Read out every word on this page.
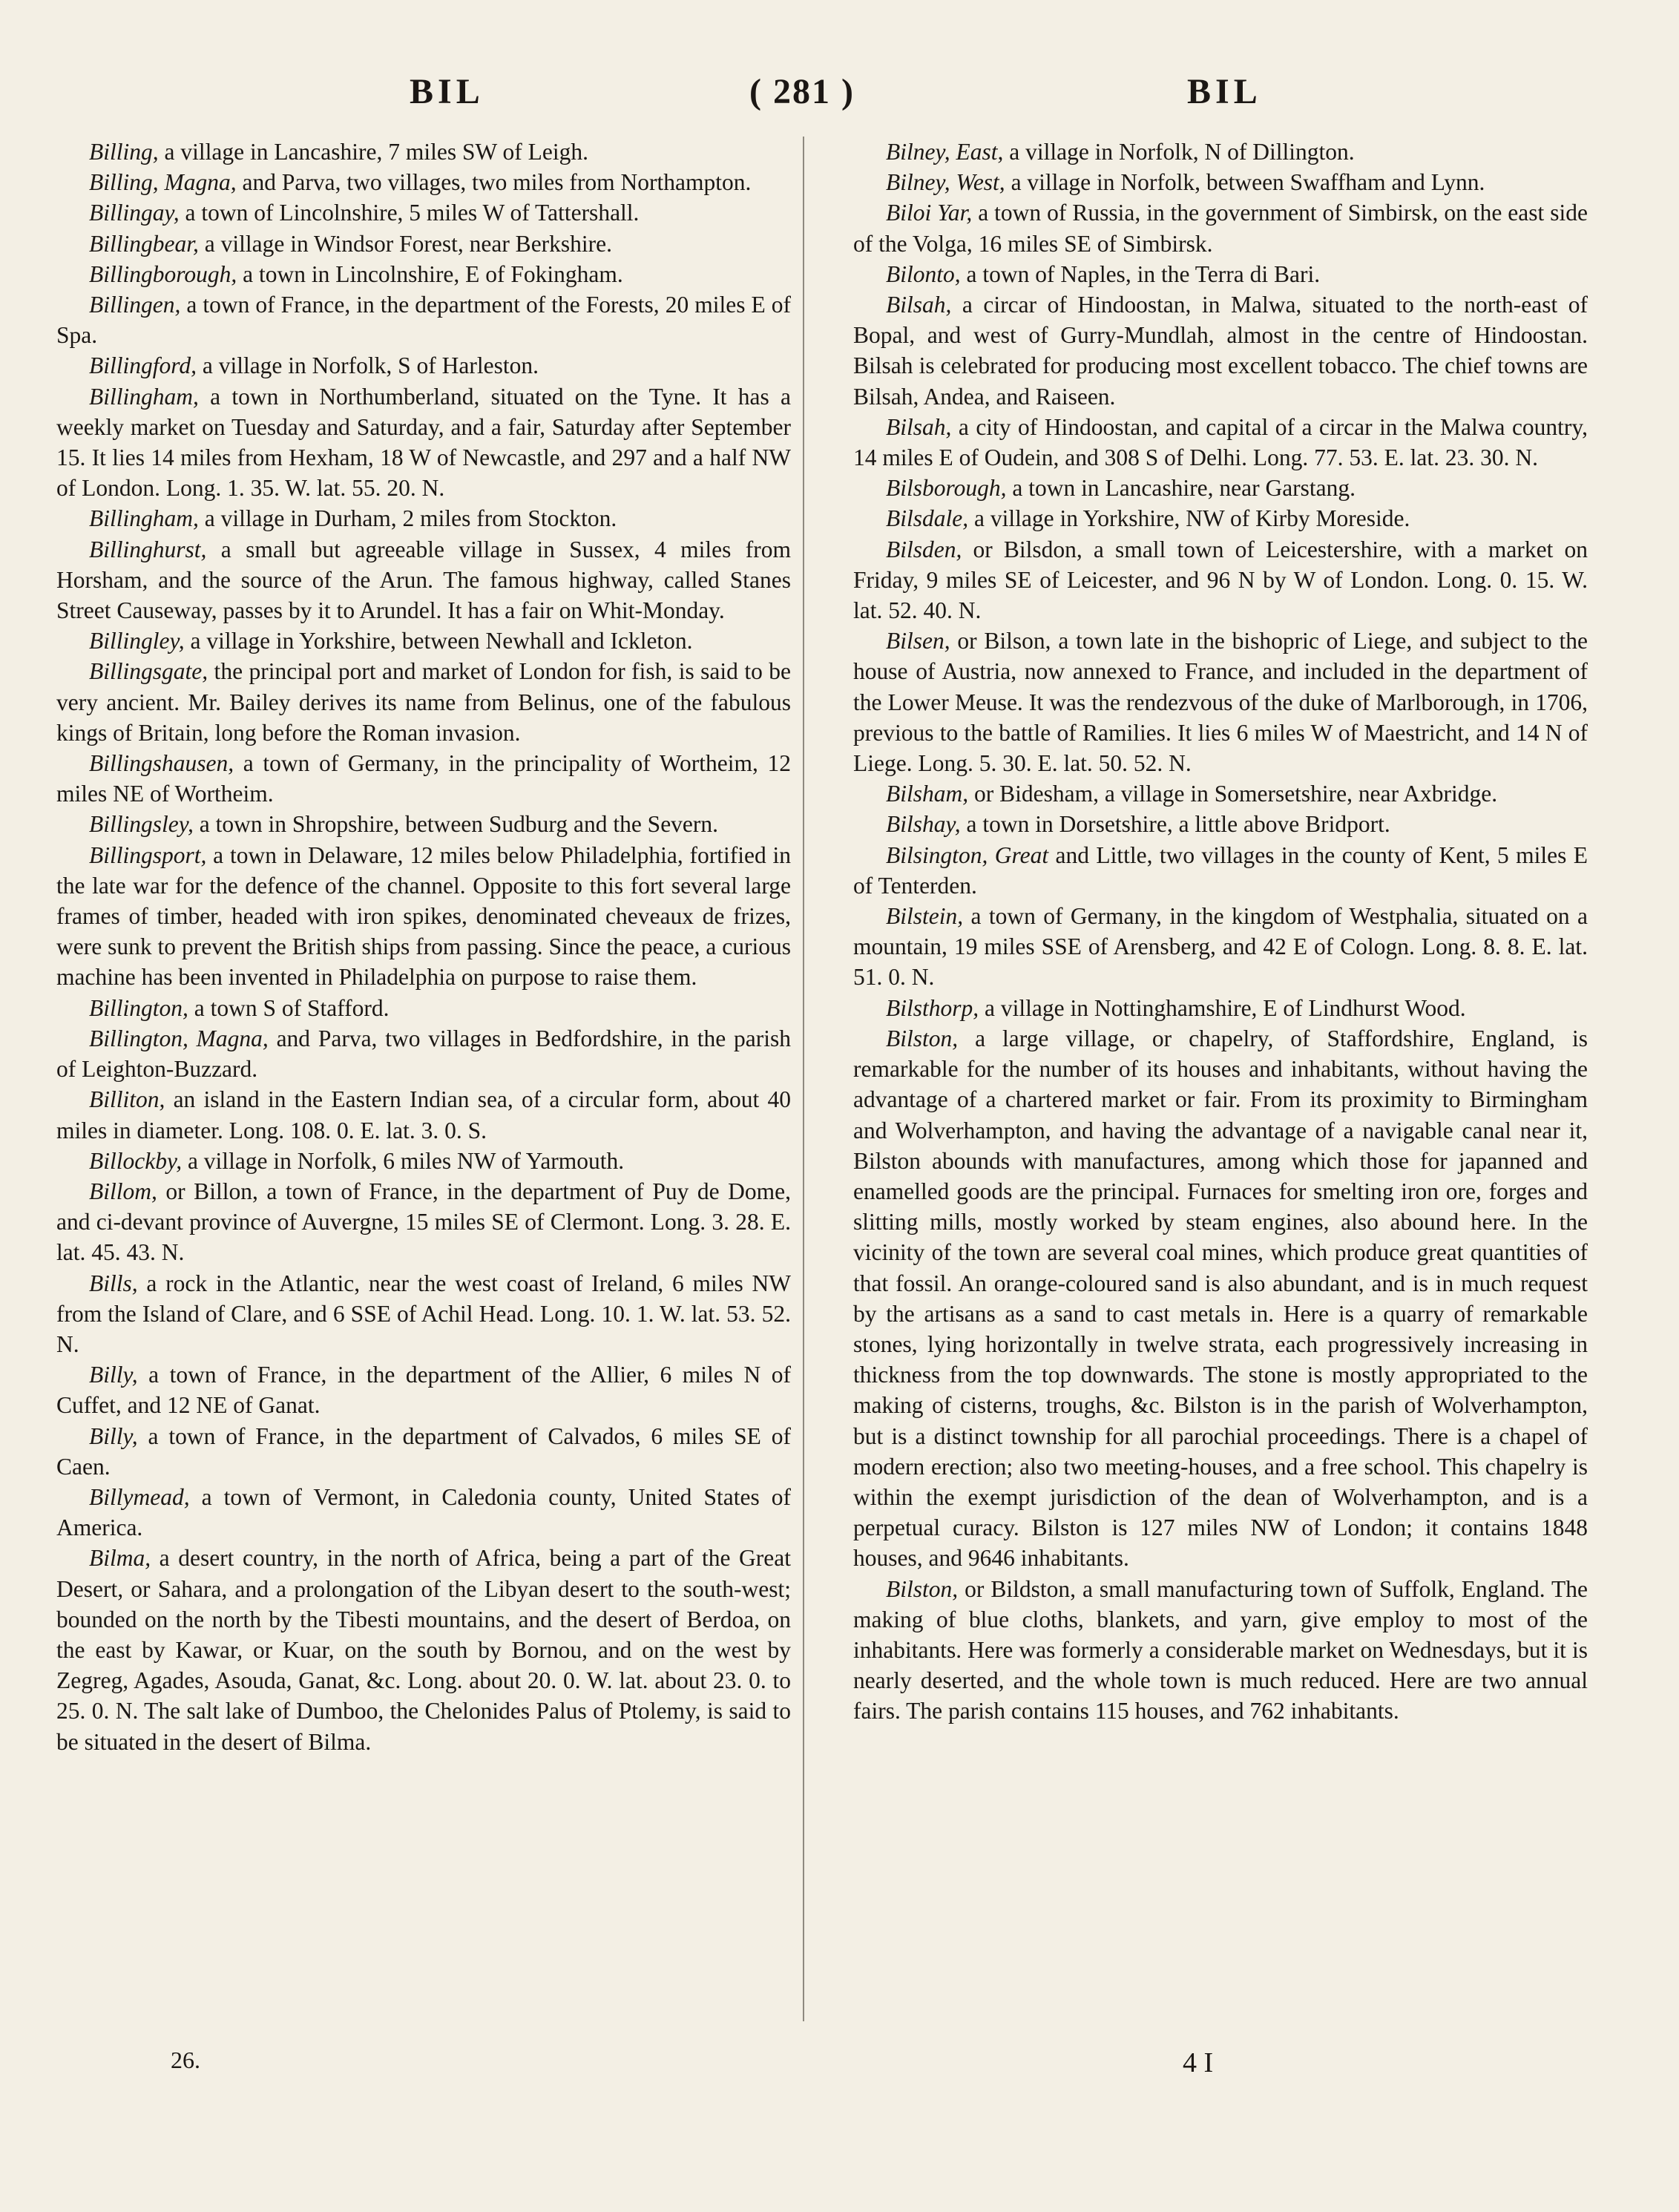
BIL	( 281 )	BIL

Billing, a village in Lancashire, 7 miles SW of Leigh.

Billing, Magna, and Parva, two villages, two miles from Northampton.

Billingay, a town of Lincolnshire, 5 miles W of Tattershall.

Billingbear, a village in Windsor Forest, near Berkshire.

Billingborough, a town in Lincolnshire, E of Fokingham.

Billingen, a town of France, in the department of the Forests, 20 miles E of Spa.

Billingford, a village in Norfolk, S of Harleston.

Billingham, a town in Northumberland, situated on the Tyne. It has a weekly market on Tuesday and Saturday, and a fair, Saturday after September 15. It lies 14 miles from Hexham, 18 W of Newcastle, and 297 and a half NW of London. Long. 1. 35. W. lat. 55. 20. N.

Billingham, a village in Durham, 2 miles from Stockton.

Billinghurst, a small but agreeable village in Sussex, 4 miles from Horsham, and the source of the Arun. The famous highway, called Stanes Street Causeway, passes by it to Arundel. It has a fair on Whit-Monday.

Billingley, a village in Yorkshire, between Newhall and Ickleton.

Billingsgate, the principal port and market of London for fish, is said to be very ancient. Mr. Bailey derives its name from Belinus, one of the fabulous kings of Britain, long before the Roman invasion.

Billingshausen, a town of Germany, in the principality of Wortheim, 12 miles NE of Wortheim.

Billingsley, a town in Shropshire, between Sudburg and the Severn.

Billingsport, a town in Delaware, 12 miles below Philadelphia, fortified in the late war for the defence of the channel. Opposite to this fort several large frames of timber, headed with iron spikes, denominated cheveaux de frizes, were sunk to prevent the British ships from passing. Since the peace, a curious machine has been invented in Philadelphia on purpose to raise them.

Billington, a town S of Stafford.

Billington, Magna, and Parva, two villages in Bedfordshire, in the parish of Leighton-Buzzard.

Billiton, an island in the Eastern Indian sea, of a circular form, about 40 miles in diameter. Long. 108. 0. E. lat. 3. 0. S.

Billockby, a village in Norfolk, 6 miles NW of Yarmouth.

Billom, or Billon, a town of France, in the department of Puy de Dome, and ci-devant province of Auvergne, 15 miles SE of Clermont. Long. 3. 28. E. lat. 45. 43. N.

Bills, a rock in the Atlantic, near the west coast of Ireland, 6 miles NW from the Island of Clare, and 6 SSE of Achil Head. Long. 10. 1. W. lat. 53. 52. N.

Billy, a town of France, in the department of the Allier, 6 miles N of Cuffet, and 12 NE of Ganat.

Billy, a town of France, in the department of Calvados, 6 miles SE of Caen.

Billymead, a town of Vermont, in Caledonia county, United States of America.

Bilma, a desert country, in the north of Africa, being a part of the Great Desert, or Sahara, and a prolongation of the Libyan desert to the south-west; bounded on the north by the Tibesti mountains, and the desert of Berdoa, on the east by Kawar, or Kuar, on the south by Bornou, and on the west by Zegreg, Agades, Asouda, Ganat, &c. Long. about 20. 0. W. lat. about 23. 0. to 25. 0. N. The salt lake of Dumboo, the Chelonides Palus of Ptolemy, is said to be situated in the desert of Bilma.

Bilney, East, a village in Norfolk, N of Dillington.

Bilney, West, a village in Norfolk, between Swaffham and Lynn.

Biloi Yar, a town of Russia, in the government of Simbirsk, on the east side of the Volga, 16 miles SE of Simbirsk.

Bilonto, a town of Naples, in the Terra di Bari.

Bilsah, a circar of Hindoostan, in Malwa, situated to the north-east of Bopal, and west of Gurry-Mundlah, almost in the centre of Hindoostan. Bilsah is celebrated for producing most excellent tobacco. The chief towns are Bilsah, Andea, and Raiseen.

Bilsah, a city of Hindoostan, and capital of a circar in the Malwa country, 14 miles E of Oudein, and 308 S of Delhi. Long. 77. 53. E. lat. 23. 30. N.

Bilsborough, a town in Lancashire, near Garstang.

Bilsdale, a village in Yorkshire, NW of Kirby Moreside.

Bilsden, or Bilsdon, a small town of Leicestershire, with a market on Friday, 9 miles SE of Leicester, and 96 N by W of London. Long. 0. 15. W. lat. 52. 40. N.

Bilsen, or Bilson, a town late in the bishopric of Liege, and subject to the house of Austria, now annexed to France, and included in the department of the Lower Meuse. It was the rendezvous of the duke of Marlborough, in 1706, previous to the battle of Ramilies. It lies 6 miles W of Maestricht, and 14 N of Liege. Long. 5. 30. E. lat. 50. 52. N.

Bilsham, or Bidesham, a village in Somersetshire, near Axbridge.

Bilshay, a town in Dorsetshire, a little above Bridport.

Bilsington, Great and Little, two villages in the county of Kent, 5 miles E of Tenterden.

Bilstein, a town of Germany, in the kingdom of Westphalia, situated on a mountain, 19 miles SSE of Arensberg, and 42 E of Cologn. Long. 8. 8. E. lat. 51. 0. N.

Bilsthorp, a village in Nottinghamshire, E of Lindhurst Wood.

Bilston, a large village, or chapelry, of Staffordshire, England, is remarkable for the number of its houses and inhabitants, without having the advantage of a chartered market or fair. From its proximity to Birmingham and Wolverhampton, and having the advantage of a navigable canal near it, Bilston abounds with manufactures, among which those for japanned and enamelled goods are the principal. Furnaces for smelting iron ore, forges and slitting mills, mostly worked by steam engines, also abound here. In the vicinity of the town are several coal mines, which produce great quantities of that fossil. An orange-coloured sand is also abundant, and is in much request by the artisans as a sand to cast metals in. Here is a quarry of remarkable stones, lying horizontally in twelve strata, each progressively increasing in thickness from the top downwards. The stone is mostly appropriated to the making of cisterns, troughs, &c. Bilston is in the parish of Wolverhampton, but is a distinct township for all parochial proceedings. There is a chapel of modern erection; also two meeting-houses, and a free school. This chapelry is within the exempt jurisdiction of the dean of Wolverhampton, and is a perpetual curacy. Bilston is 127 miles NW of London; it contains 1848 houses, and 9646 inhabitants.

Bilston, or Bildston, a small manufacturing town of Suffolk, England. The making of blue cloths, blankets, and yarn, give employ to most of the inhabitants. Here was formerly a considerable market on Wednesdays, but it is nearly deserted, and the whole town is much reduced. Here are two annual fairs. The parish contains 115 houses, and 762 inhabitants.

26.	4 I
